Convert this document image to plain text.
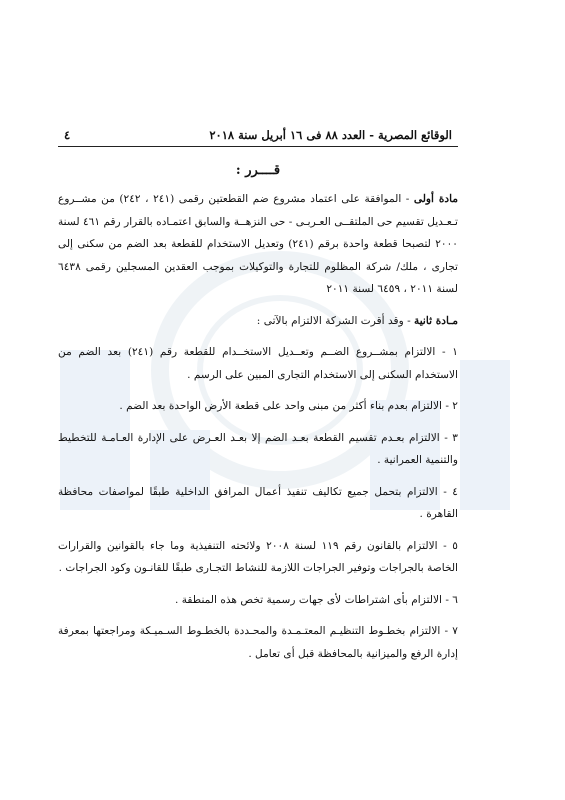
الوقائع المصرية - العدد ٨٨ فى ١٦ أبريل سنة ٢٠١٨
٤
قــــرر :

مادة أولى - الموافقة على اعتماد مشروع ضم القطعتين رقمى (٢٤١ ، ٢٤٢) من مشــروع تـعـديل تقسيم حى الملتقــى العـربـى - حى النزهــة والسابق اعتمـاده بالقرار رقم ٤٦١ لسنة ٢٠٠٠ لتصبحا قطعة واحدة برقم (٢٤١) وتعديل الاستخدام للقطعة بعد الضم من سكنى إلى تجارى ، ملك/ شركة المظلوم للتجارة والتوكيلات بموجب العقدين المسجلين رقمى ٦٤٣٨ لسنة ٢٠١١ ، ٦٤٥٩ لسنة ٢٠١١

مـادة ثانية - وقد أقرت الشركة الالتزام بالآتى :

١ - الالتزام بمشــروع الضــم وتعــديل الاستخــدام للقطعة رقم (٢٤١) بعد الضم من الاستخدام السكنى إلى الاستخدام التجارى المبين على الرسم .

٢ - الالتزام بعدم بناء أكثر من مبنى واحد على قطعة الأرض الواحدة بعد الضم .

٣ - الالتزام بعـدم تقسيم القطعة بعـد الضم إلا بعـد العـرض على الإدارة العـامـة للتخطيط والتنمية العمرانية .

٤ - الالتزام بتحمل جميع تكاليف تنفيذ أعمال المرافق الداخلية طبقًا لمواصفات محافظة القاهرة .

٥ - الالتزام بالقانون رقم ١١٩ لسنة ٢٠٠٨ ولائحته التنفيذية وما جاء بالقوانين والقرارات الخاصة بالجراجات وتوفير الجراجات اللازمة للنشاط التجـارى طبقًا للقانـون وكود الجراجات .

٦ - الالتزام بأى اشتراطات لأى جهات رسمية تخص هذه المنطقة .

٧ - الالتزام بخطـوط التنظيـم المعتـمـدة والمحـددة بالخطـوط السـميـكة ومراجعتها بمعرفة إدارة الرفع والميزانية بالمحافظة قبل أى تعامل .
